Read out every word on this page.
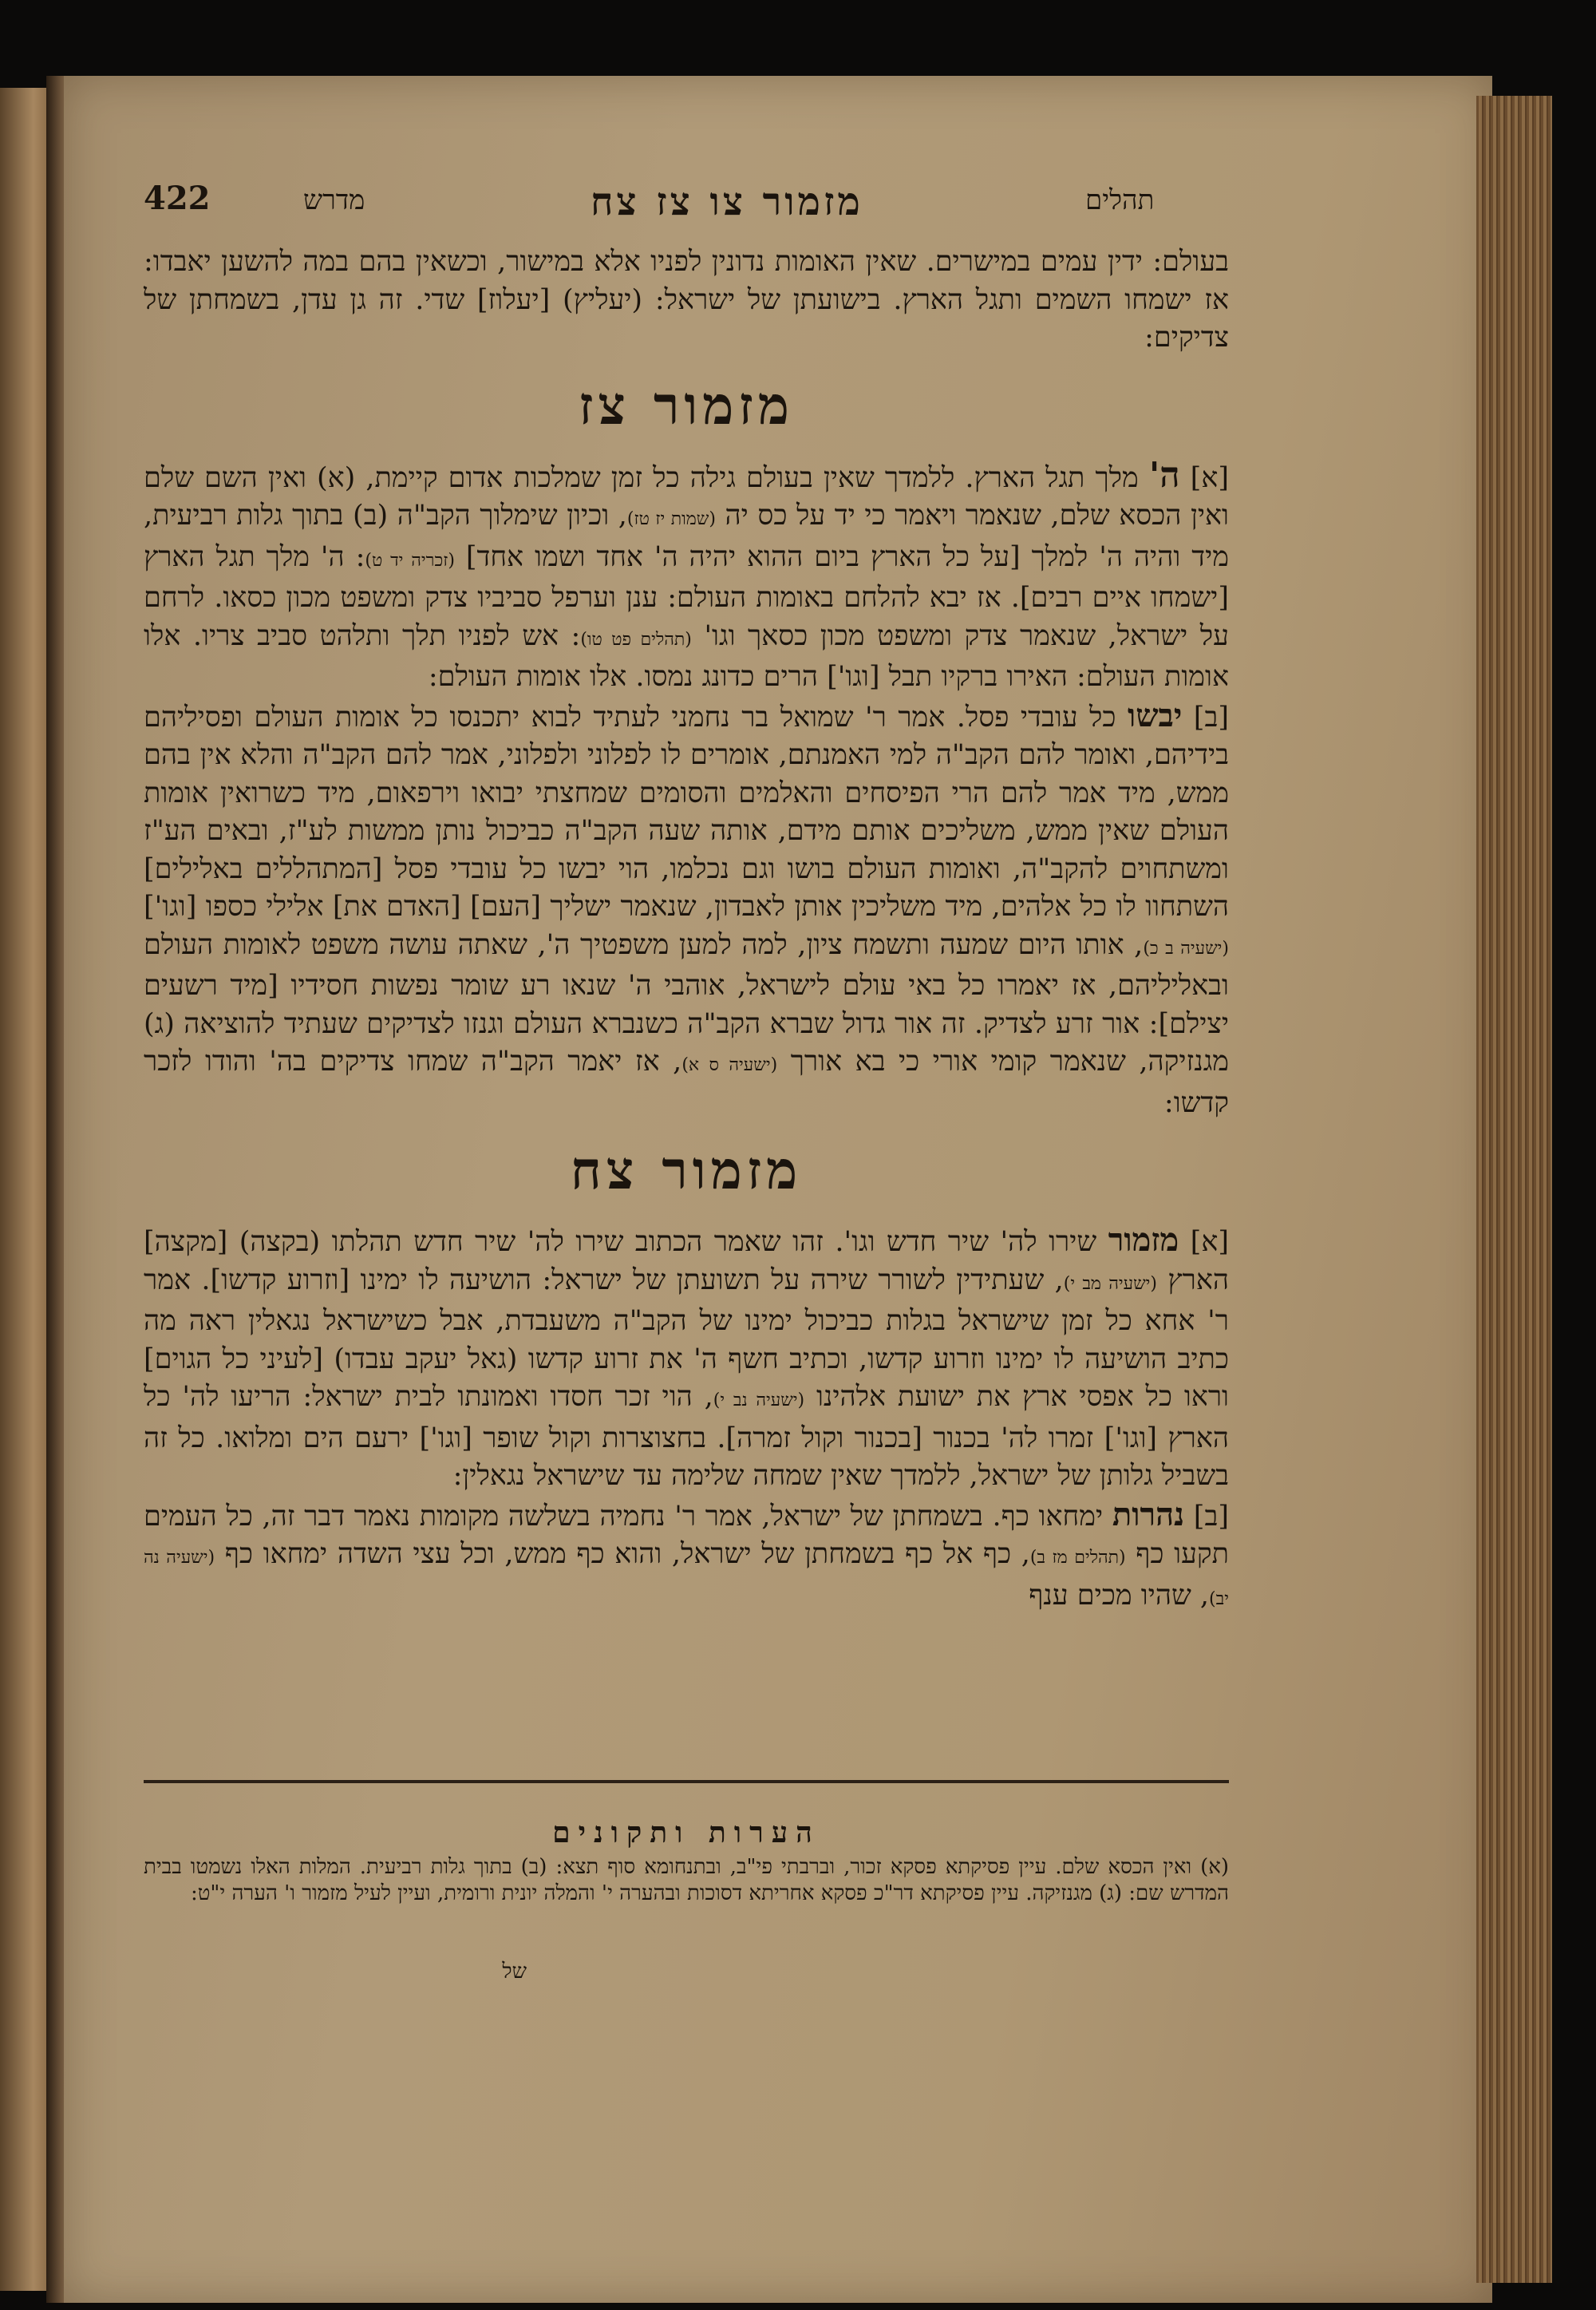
422	מדרש	מזמור צו צז צח	תהלים

בעולם: ידין עמים במישרים. שאין האומות נדונין לפניו אלא במישור, וכשאין בהם במה להשען יאבדו: אז ישמחו השמים ותגל הארץ. בישועתן של ישראל: (יעליץ) [יעלוז] שדי. זה גן עדן, בשמחתן של צדיקים:

מזמור צז

[א] ה' מלך תגל הארץ. ללמדך שאין בעולם גילה כל זמן שמלכות אדום קיימת, (א) ואין השם שלם ואין הכסא שלם, שנאמר ויאמר כי יד על כס יה (שמות יז טז), וכיון שימלוך הקב"ה (ב) בתוך גלות רביעית, מיד והיה ה' למלך [על כל הארץ ביום ההוא יהיה ה' אחד ושמו אחד] (זכריה יד ט): ה' מלך תגל הארץ [ישמחו איים רבים]. אז יבא להלחם באומות העולם: ענן וערפל סביביו צדק ומשפט מכון כסאו. לרחם על ישראל, שנאמר צדק ומשפט מכון כסאך וגו' (תהלים פט טו): אש לפניו תלך ותלהט סביב צריו. אלו אומות העולם: האירו ברקיו תבל [וגו'] הרים כדונג נמסו. אלו אומות העולם:

[ב] יבשו כל עובדי פסל. אמר ר' שמואל בר נחמני לעתיד לבוא יתכנסו כל אומות העולם ופסיליהם בידיהם, ואומר להם הקב"ה למי האמנתם, אומרים לו לפלוני ולפלוני, אמר להם הקב"ה והלא אין בהם ממש, מיד אמר להם הרי הפיסחים והאלמים והסומים שמחצתי יבואו וירפאום, מיד כשרואין אומות העולם שאין ממש, משליכים אותם מידם, אותה שעה הקב"ה כביכול נותן ממשות לע"ז, ובאים הע"ז ומשתחוים להקב"ה, ואומות העולם בושו וגם נכלמו, הוי יבשו כל עובדי פסל [המתהללים באלילים] השתחוו לו כל אלהים, מיד משליכין אותן לאבדון, שנאמר ישליך [העם] [האדם את] אלילי כספו [וגו'] (ישעיה ב כ), אותו היום שמעה ותשמח ציון, למה למען משפטיך ה', שאתה עושה משפט לאומות העולם ובאליליהם, אז יאמרו כל באי עולם לישראל, אוהבי ה' שנאו רע שומר נפשות חסידיו [מיד רשעים יצילם]: אור זרע לצדיק. זה אור גדול שברא הקב"ה כשנברא העולם וגנזו לצדיקים שעתיד להוציאה (ג) מגנזיקה, שנאמר קומי אורי כי בא אורך (ישעיה ס א), אז יאמר הקב"ה שמחו צדיקים בה' והודו לזכר קדשו:

מזמור צח

[א] מזמור שירו לה' שיר חדש וגו'. זהו שאמר הכתוב שירו לה' שיר חדש תהלתו (בקצה) [מקצה] הארץ (ישעיה מב י), שעתידין לשורר שירה על תשועתן של ישראל: הושיעה לו ימינו [וזרוע קדשו]. אמר ר' אחא כל זמן שישראל בגלות כביכול ימינו של הקב"ה משעבדת, אבל כשישראל נגאלין ראה מה כתיב הושיעה לו ימינו וזרוע קדשו, וכתיב חשף ה' את זרוע קדשו (גאל יעקב עבדו) [לעיני כל הגוים] וראו כל אפסי ארץ את ישועת אלהינו (ישעיה נב י), הוי זכר חסדו ואמונתו לבית ישראל: הריעו לה' כל הארץ [וגו'] זמרו לה' בכנור [בכנור וקול זמרה]. בחצוצרות וקול שופר [וגו'] ירעם הים ומלואו. כל זה בשביל גלותן של ישראל, ללמדך שאין שמחה שלימה עד שישראל נגאלין:

[ב] נהרות ימחאו כף. בשמחתן של ישראל, אמר ר' נחמיה בשלשה מקומות נאמר דבר זה, כל העמים תקעו כף (תהלים מז ב), כף אל כף בשמחתן של ישראל, והוא כף ממש, וכל עצי השדה ימחאו כף (ישעיה נה יב), שהיו מכים ענף

הערות ותקונים

(א) ואין הכסא שלם. עיין פסיקתא פסקא זכור, וברבתי פי"ב, ובתנחומא סוף תצא: (ב) בתוך גלות רביעית. המלות האלו נשמטו בבית המדרש שם: (ג) מגנזיקה. עיין פסיקתא דר"כ פסקא אחריתא דסוכות ובהערה י' והמלה יונית ורומית, ועיין לעיל מזמור ו' הערה י"ט:

של
